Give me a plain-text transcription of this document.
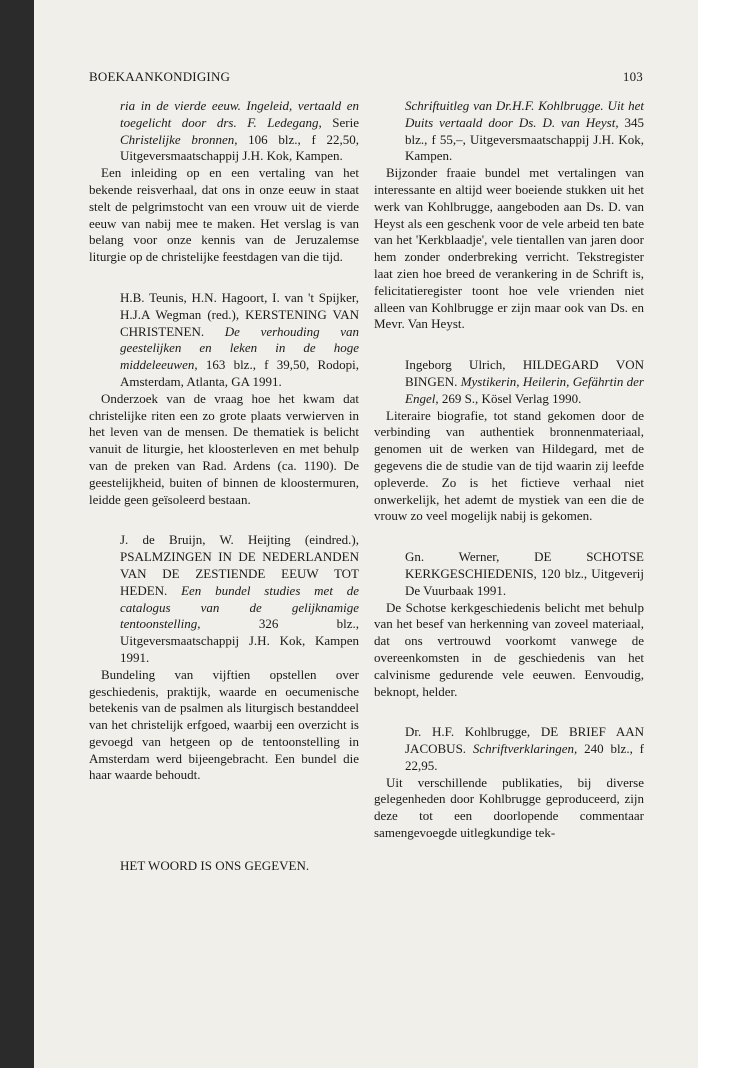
BOEKAANKONDIGING	103

ria in de vierde eeuw. Ingeleid, vertaald en toegelicht door drs. F. Ledegang, Serie Christelijke bronnen, 106 blz., f 22,50, Uitgeversmaatschappij J.H. Kok, Kampen.

Een inleiding op en een vertaling van het bekende reisverhaal, dat ons in onze eeuw in staat stelt de pelgrimstocht van een vrouw uit de vierde eeuw van nabij mee te maken. Het verslag is van belang voor onze kennis van de Jeruzalemse liturgie op de christelijke feestdagen van die tijd.

H.B. Teunis, H.N. Hagoort, I. van 't Spijker, H.J.A Wegman (red.), KERSTENING VAN CHRISTENEN. De verhouding van geestelijken en leken in de hoge middeleeuwen, 163 blz., f 39,50, Rodopi, Amsterdam, Atlanta, GA 1991.

Onderzoek van de vraag hoe het kwam dat christelijke riten een zo grote plaats verwierven in het leven van de mensen. De thematiek is belicht vanuit de liturgie, het kloosterleven en met behulp van de preken van Rad. Ardens (ca. 1190). De geestelijkheid, buiten of binnen de kloostermuren, leidde geen geïsoleerd bestaan.

J. de Bruijn, W. Heijting (eindred.), PSALMZINGEN IN DE NEDERLANDEN VAN DE ZESTIENDE EEUW TOT HEDEN. Een bundel studies met de catalogus van de gelijknamige tentoonstelling, 326 blz., Uitgeversmaatschappij J.H. Kok, Kampen 1991.

Bundeling van vijftien opstellen over geschiedenis, praktijk, waarde en oecumenische betekenis van de psalmen als liturgisch bestanddeel van het christelijk erfgoed, waarbij een overzicht is gevoegd van hetgeen op de tentoonstelling in Amsterdam werd bijeengebracht. Een bundel die haar waarde behoudt.

HET WOORD IS ONS GEGEVEN.

Schriftuitleg van Dr.H.F. Kohlbrugge. Uit het Duits vertaald door Ds. D. van Heyst, 345 blz., f 55,–, Uitgeversmaatschappij J.H. Kok, Kampen.

Bijzonder fraaie bundel met vertalingen van interessante en altijd weer boeiende stukken uit het werk van Kohlbrugge, aangeboden aan Ds. D. van Heyst als een geschenk voor de vele arbeid ten bate van het 'Kerkblaadje', vele tientallen van jaren door hem zonder onderbreking verricht. Tekstregister laat zien hoe breed de verankering in de Schrift is, felicitatieregister toont hoe vele vrienden niet alleen van Kohlbrugge er zijn maar ook van Ds. en Mevr. Van Heyst.

Ingeborg Ulrich, HILDEGARD VON BINGEN. Mystikerin, Heilerin, Gefährtin der Engel, 269 S., Kösel Verlag 1990.

Literaire biografie, tot stand gekomen door de verbinding van authentiek bronnenmateriaal, genomen uit de werken van Hildegard, met de gegevens die de studie van de tijd waarin zij leefde opleverde. Zo is het fictieve verhaal niet onwerkelijk, het ademt de mystiek van een die de vrouw zo veel mogelijk nabij is gekomen.

Gn. Werner, DE SCHOTSE KERKGESCHIEDENIS, 120 blz., Uitgeverij De Vuurbaak 1991.

De Schotse kerkgeschiedenis belicht met behulp van het besef van herkenning van zoveel materiaal, dat ons vertrouwd voorkomt vanwege de overeenkomsten in de geschiedenis van het calvinisme gedurende vele eeuwen. Eenvoudig, beknopt, helder.

Dr. H.F. Kohlbrugge, DE BRIEF AAN JACOBUS. Schriftverklaringen, 240 blz., f 22,95.

Uit verschillende publikaties, bij diverse gelegenheden door Kohlbrugge geproduceerd, zijn deze tot een doorlopende commentaar samengevoegde uitlegkundige tek-
